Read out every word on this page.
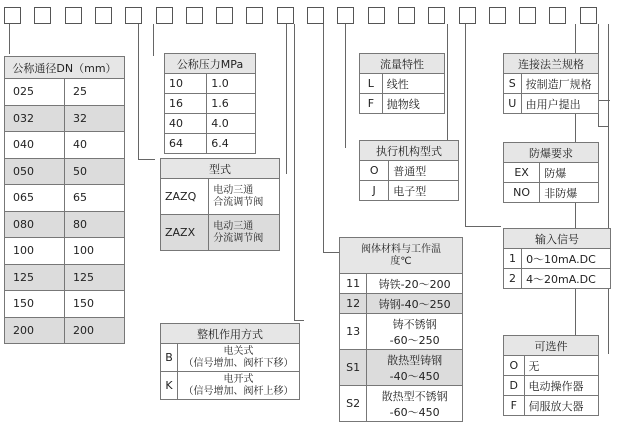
公称通径DN（mm）	
025	25
032	32
040	40
050	50
065	65
080	80
100	100
125	125
150	150
200	200
公称压力MPa	
10	1.0
16	1.6
40	4.0
64	6.4
型式	
ZAZQ	电动三通
合流调节阀

ZAZX	电动三通
分流调节阀
整机作用方式	
B	电关式
（信号增加、阀杆下移）

K	电开式
（信号增加、阀杆上移）
流量特性	
L	线性
F	抛物线
执行机构型式	
O	普通型
J	电子型
阀体材料与工作温
度℃	

11	铸铁-20～200

12	铸钢-40～250

13	铸不锈钢
-60～250

S1	散热型铸钢
-40～450

S2	散热型不锈钢
-60～450
连接法兰规格	
S	按制造厂规格
U	由用户提出
防爆要求	
EX	防爆
NO	非防爆
输入信号	
1	0～10mA.DC
2	4～20mA.DC
可选件	
O	无
D	电动操作器
F	伺服放大器
